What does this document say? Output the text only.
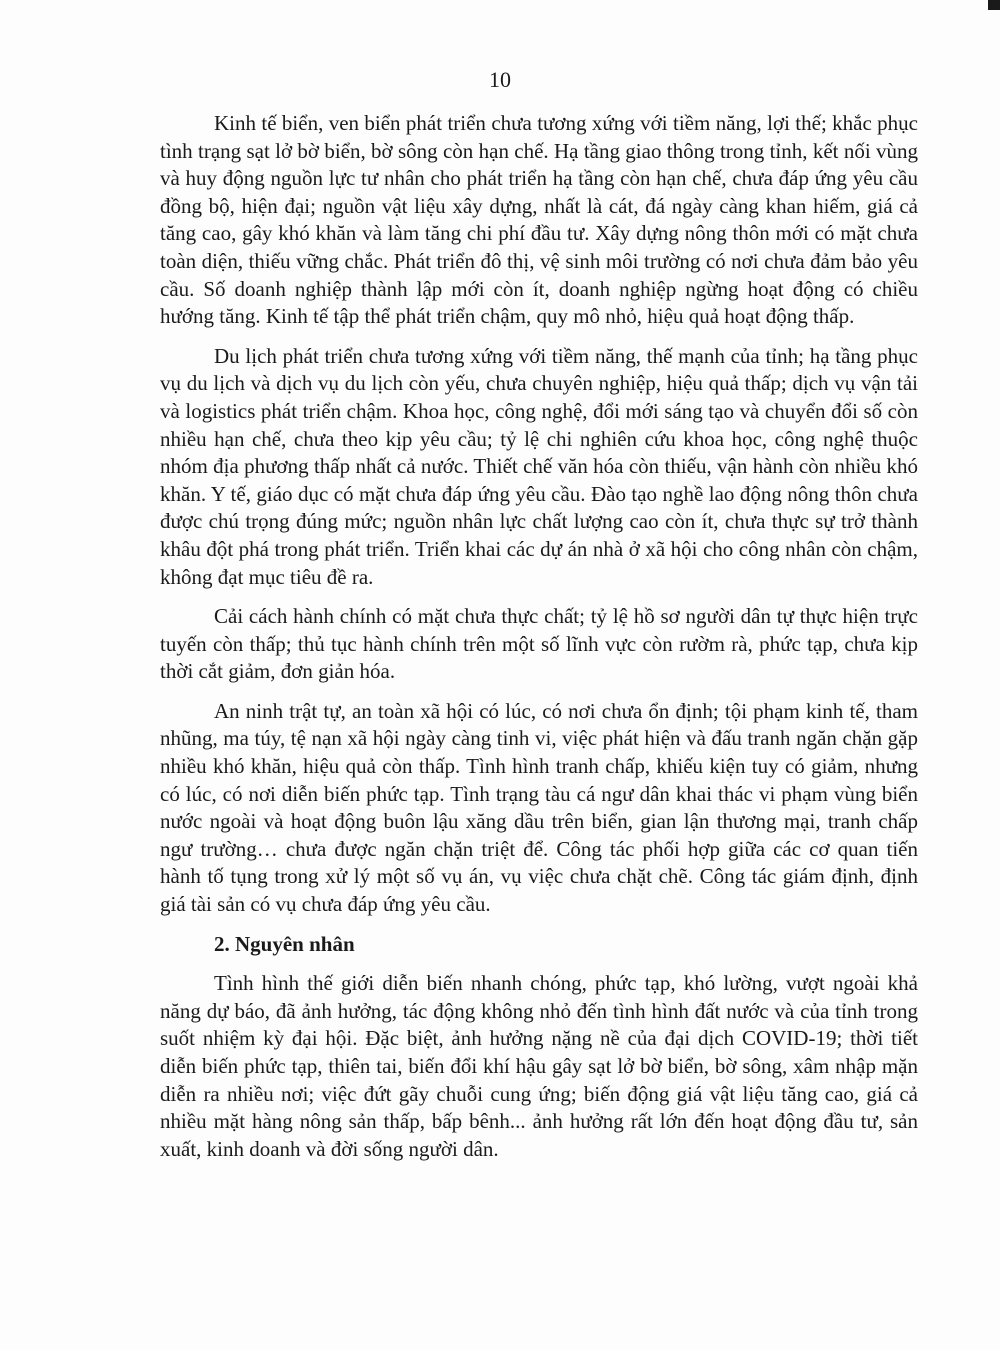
10

Kinh tế biển, ven biển phát triển chưa tương xứng với tiềm năng, lợi thế; khắc phục tình trạng sạt lở bờ biển, bờ sông còn hạn chế. Hạ tầng giao thông trong tỉnh, kết nối vùng và huy động nguồn lực tư nhân cho phát triển hạ tầng còn hạn chế, chưa đáp ứng yêu cầu đồng bộ, hiện đại; nguồn vật liệu xây dựng, nhất là cát, đá ngày càng khan hiếm, giá cả tăng cao, gây khó khăn và làm tăng chi phí đầu tư. Xây dựng nông thôn mới có mặt chưa toàn diện, thiếu vững chắc. Phát triển đô thị, vệ sinh môi trường có nơi chưa đảm bảo yêu cầu. Số doanh nghiệp thành lập mới còn ít, doanh nghiệp ngừng hoạt động có chiều hướng tăng. Kinh tế tập thể phát triển chậm, quy mô nhỏ, hiệu quả hoạt động thấp.

Du lịch phát triển chưa tương xứng với tiềm năng, thế mạnh của tỉnh; hạ tầng phục vụ du lịch và dịch vụ du lịch còn yếu, chưa chuyên nghiệp, hiệu quả thấp; dịch vụ vận tải và logistics phát triển chậm. Khoa học, công nghệ, đổi mới sáng tạo và chuyển đổi số còn nhiều hạn chế, chưa theo kịp yêu cầu; tỷ lệ chi nghiên cứu khoa học, công nghệ thuộc nhóm địa phương thấp nhất cả nước. Thiết chế văn hóa còn thiếu, vận hành còn nhiều khó khăn. Y tế, giáo dục có mặt chưa đáp ứng yêu cầu. Đào tạo nghề lao động nông thôn chưa được chú trọng đúng mức; nguồn nhân lực chất lượng cao còn ít, chưa thực sự trở thành khâu đột phá trong phát triển. Triển khai các dự án nhà ở xã hội cho công nhân còn chậm, không đạt mục tiêu đề ra.

Cải cách hành chính có mặt chưa thực chất; tỷ lệ hồ sơ người dân tự thực hiện trực tuyến còn thấp; thủ tục hành chính trên một số lĩnh vực còn rườm rà, phức tạp, chưa kịp thời cắt giảm, đơn giản hóa.

An ninh trật tự, an toàn xã hội có lúc, có nơi chưa ổn định; tội phạm kinh tế, tham nhũng, ma túy, tệ nạn xã hội ngày càng tinh vi, việc phát hiện và đấu tranh ngăn chặn gặp nhiều khó khăn, hiệu quả còn thấp. Tình hình tranh chấp, khiếu kiện tuy có giảm, nhưng có lúc, có nơi diễn biến phức tạp. Tình trạng tàu cá ngư dân khai thác vi phạm vùng biển nước ngoài và hoạt động buôn lậu xăng dầu trên biển, gian lận thương mại, tranh chấp ngư trường… chưa được ngăn chặn triệt để. Công tác phối hợp giữa các cơ quan tiến hành tố tụng trong xử lý một số vụ án, vụ việc chưa chặt chẽ. Công tác giám định, định giá tài sản có vụ chưa đáp ứng yêu cầu.

2. Nguyên nhân

Tình hình thế giới diễn biến nhanh chóng, phức tạp, khó lường, vượt ngoài khả năng dự báo, đã ảnh hưởng, tác động không nhỏ đến tình hình đất nước và của tỉnh trong suốt nhiệm kỳ đại hội. Đặc biệt, ảnh hưởng nặng nề của đại dịch COVID-19; thời tiết diễn biến phức tạp, thiên tai, biến đổi khí hậu gây sạt lở bờ biển, bờ sông, xâm nhập mặn diễn ra nhiều nơi; việc đứt gãy chuỗi cung ứng; biến động giá vật liệu tăng cao, giá cả nhiều mặt hàng nông sản thấp, bấp bênh... ảnh hưởng rất lớn đến hoạt động đầu tư, sản xuất, kinh doanh và đời sống người dân.
